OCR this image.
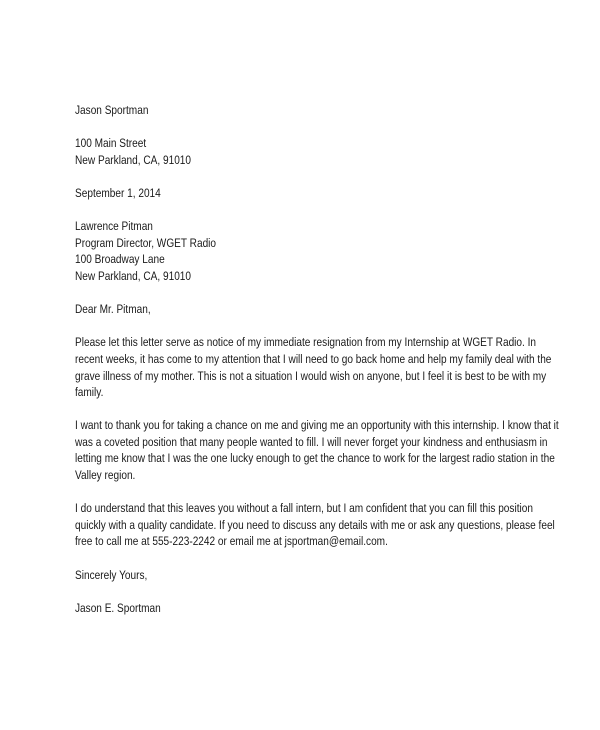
Jason Sportman
100 Main Street
New Parkland, CA, 91010
September 1, 2014
Lawrence Pitman
Program Director, WGET Radio
100 Broadway Lane
New Parkland, CA, 91010
Dear Mr. Pitman,
Please let this letter serve as notice of my immediate resignation from my Internship at WGET Radio. In
recent weeks, it has come to my attention that I will need to go back home and help my family deal with the
grave illness of my mother. This is not a situation I would wish on anyone, but I feel it is best to be with my
family.
I want to thank you for taking a chance on me and giving me an opportunity with this internship. I know that it
was a coveted position that many people wanted to fill. I will never forget your kindness and enthusiasm in
letting me know that I was the one lucky enough to get the chance to work for the largest radio station in the
Valley region.
I do understand that this leaves you without a fall intern, but I am confident that you can fill this position
quickly with a quality candidate. If you need to discuss any details with me or ask any questions, please feel
free to call me at 555-223-2242 or email me at jsportman@email.com.
Sincerely Yours,
Jason E. Sportman
